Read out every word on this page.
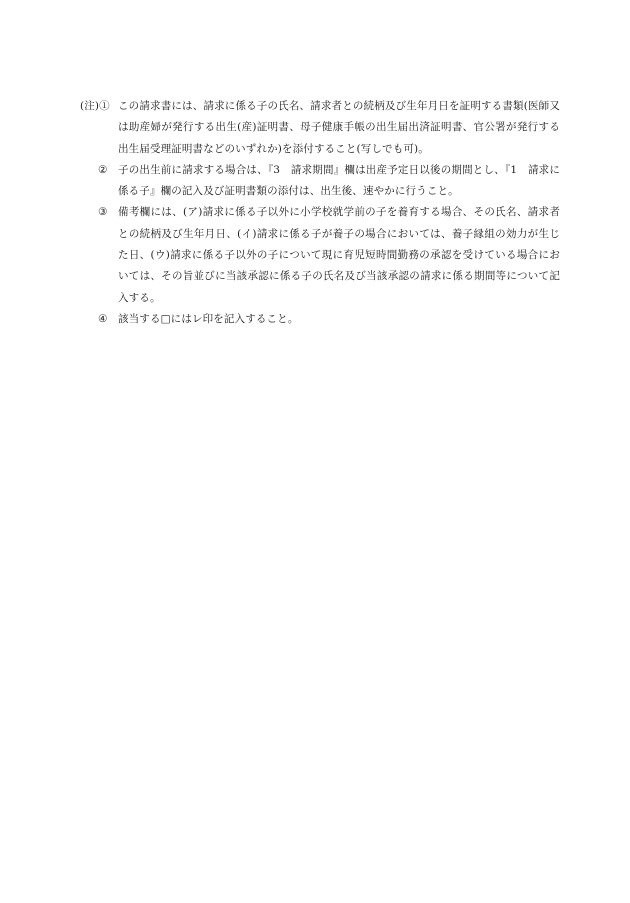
(注)① この請求書には、請求に係る子の氏名、請求者との続柄及び生年月日を証明する書類(医師又は助産婦が発行する出生(産)証明書、母子健康手帳の出生届出済証明書、官公署が発行する出生届受理証明書などのいずれか)を添付すること(写しでも可)。
② 子の出生前に請求する場合は、『3　請求期間』欄は出産予定日以後の期間とし、『1　請求に係る子』欄の記入及び証明書類の添付は、出生後、速やかに行うこと。
③ 備考欄には、(ア)請求に係る子以外に小学校就学前の子を養育する場合、その氏名、請求者との続柄及び生年月日、(イ)請求に係る子が養子の場合においては、養子縁組の効力が生じた日、(ウ)請求に係る子以外の子について現に育児短時間勤務の承認を受けている場合においては、その旨並びに当該承認に係る子の氏名及び当該承認の請求に係る期間等について記入する。
④ 該当する□にはレ印を記入すること。
